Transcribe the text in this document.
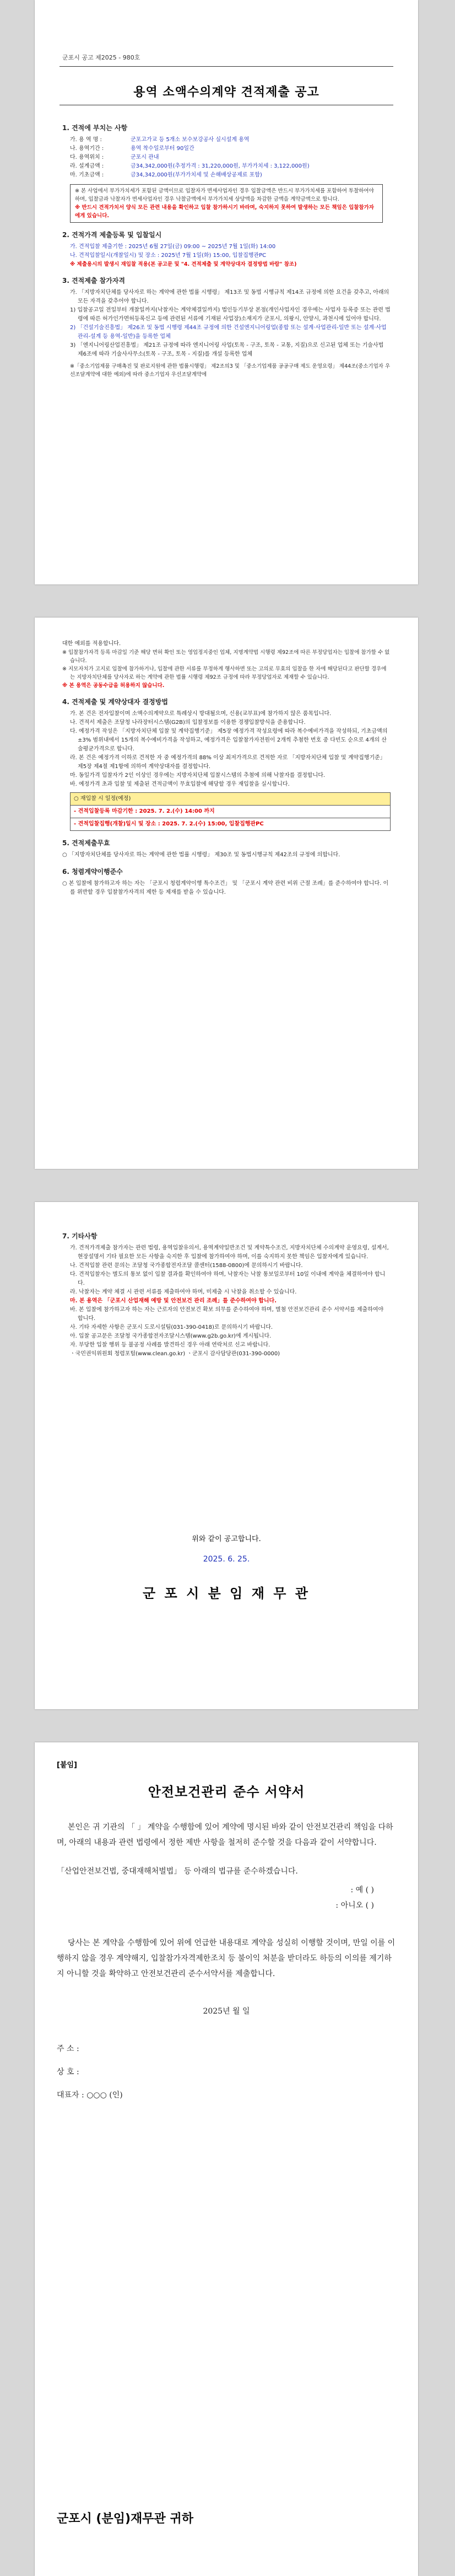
군포시 공고 제2025 - 980호
용역 소액수의계약 견적제출 공고
1. 견적에 부치는 사항
가. 용 역 명 :	군포고가교 등 5개소 보수보강공사 실시설계 용역
나. 용역기간 :	용역 착수일로부터 90일간
다. 용역위치 :	군포시 관내
라. 설계금액 :	금34,342,000원(추정가격 : 31,220,000원, 부가가치세 : 3,122,000원)
마. 기초금액 :	금34,342,000원(부가가치세 및 손해배상공제료 포함)
※ 본 사업에서 부가가치세가 포함된 금액이므로 입찰자가 면세사업자인 경우 입찰금액은 반드시 부가가치세를 포함하여 투찰하여야 하며, 입찰금과 낙찰자가 면세사업자인 경우 낙찰금액에서 부가가치세 상당액을 차감한 금액을 계약금액으로 합니다.
※ 반드시 견적가치서 양식 모든 관련 내용을 확인하고 입찰 참가하시기 바라며, 숙지하지 못하여 발생하는 모든 책임은 입찰참가자에게 있습니다.
2. 견적가격 제출등록 및 입찰일시
가. 견적입찰 제출기한 : 2025년 6월 27일(금) 09:00 ~ 2025년 7월 1일(화) 14:00
나. 견적입찰일시(개찰일시) 및 장소 : 2025년 7월 1일(화) 15:00, 입찰집행관PC
※ 제출용시의 발생시 재입찰 적용(본 공고문 및 "4. 견적제출 및 계약상대자 결정방법 바람" 참조)
3. 견적제출 참가자격
가. 「지방자치단체를 당사자로 하는 계약에 관한 법률 시행령」 제13조 및 동법 시행규칙 제14조 규정에 의한 요건을 갖추고, 아래의 모든 자격을 갖추어야 합니다.
1) 입찰공고일 전일부터 개찰일까지(낙찰자는 계약체결일까지) 법인등기부상 본점(개인사업자인 경우에는 사업자 등록증 또는 관련 법령에 따른 허가인가면허등록신고 등에 관련된 서류에 기재된 사업장)소재지가 군포시, 의왕시, 안양시, 과천시에 있어야 합니다.
2) 「건설기술진흥법」 제26조 및 동법 시행령 제44조 규정에 의한 건설엔지니어링업(종합 또는 설계·사업관리-일반 또는 설계·사업관리-설계 등 용역-일반)을 등록한 업체
3) 「엔지니어링산업진흥법」 제21조 규정에 따라 엔지니어링 사업(토목 - 구조, 토목 - 교통, 지질)으로 신고된 업체 또는 기술사법 제6조에 따라 기술사사무소(토목 - 구조, 토목 - 지질)를 개설 등록한 업체
※「중소기업제품 구매촉진 및 판로지원에 관한 법률시행령」 제2조의3 및 「중소기업제품 공공구매 제도 운영요령」 제44조(중소기업자 우선조달계약에 대한 예외)에 따라 중소기업자 우선조달계약에
대한 예외를 적용합니다.
※ 입찰참가자격 등록 마감일 기준 해당 면허 확인 또는 영업정지중인 업체, 지명계약법 시행령 제92조에 따른 부정당업자는 입찰에 참가할 수 없습니다.
※ 지모자치가 고지로 입찰에 참가하거나, 입찰에 관한 서류를 부정하게 행사하면 또는 고의로 무효의 입찰을 한 자에 해당된다고 판단할 경우에는 지방자치단체를 당사자로 하는 계약에 관한 법률 시행령 제92조 규정에 따라 부정당업자로 제재할 수 있습니다.
※ 본 용역은 공동수급을 허용하지 않습니다.
4. 견적제출 및 계약상대자 결정방법
가. 본 건은 전자입찰이며 소액수의계약으로 특례상시 방대될으며, 신용(교부표)에 참가하지 않은 품목입니다.
나. 견적서 제출은 조달청 나라장터시스템(G2B)의 입찰정보를 이용한 경쟁입찰방식을 준용합니다.
다. 예정가격 작성은 「지방자치단체 입찰 및 계약집행기준」 제5장 예정가격 작성요령에 따라 복수예비가격을 작성하되, 기초금액의 ±3% 범위내에서 15개의 복수예비가격을 작성하고, 예정가격은 입찰참가자전원이 2개씩 추첨한 번호 중 다빈도 순으로 4개의 산술평균가격으로 합니다.
라. 본 건은 예정가격 이하로 견적한 자 중 예정가격의 88% 이상 최저가격으로 견적한 자로 「지방자치단체 입찰 및 계약집행기준」 제5장 제4절 제1항에 의하여 계약상대자를 결정합니다.
마. 동일가격 입찰자가 2인 이상인 경우에는 지방자치단체 입찰시스템의 추첨에 의해 낙찰자를 결정합니다.
바. 예정가격 초과 입찰 및 제출된 견적금액이 무효입찰에 해당할 경우 재입찰을 실시합니다.
○ 재입찰 시 일정(예정)
- 견적입찰등록 마감기한 : 2025. 7. 2.(수) 14:00 까지
- 견적입찰집행(개찰)일시 및 장소 : 2025. 7. 2.(수) 15:00, 입찰집행관PC
5. 견적제출무효
○ 「지방자치단체를 당사자로 하는 계약에 관한 법률 시행령」 제30조 및 동법시행규칙 제42조의 규정에 의합니다.
6. 청렴계약이행준수
○ 본 입찰에 참가하고자 하는 자는 「군포시 청렴계약이행 특수조건」 및 「군포시 계약 관련 비위 근절 조례」를 준수하여야 합니다. 이를 위반할 경우 입찰참가자격의 제한 등 제재를 받을 수 있습니다.
7. 기타사항
가. 견적가격제출 참가자는 관련 법령, 용역입찰유의서, 용역계약일반조건 및 계약특수조건, 지방자치단체 수의계약 운영요령, 설계서, 현장설명서 기타 필요한 모든 사항을 숙지한 후 입찰에 참가하여야 하며, 이를 숙지하지 못한 책임은 입찰자에게 있습니다.
나. 견적입찰 관련 문의는 조달청 국가종합전자조달 콜센터(1588-0800)에 문의하시기 바랍니다.
다. 견적입찰자는 별도의 통보 없이 입찰 결과를 확인하여야 하며, 낙찰자는 낙찰 통보일로부터 10일 이내에 계약을 체결하여야 합니다.
라. 낙찰자는 계약 체결 시 관련 서류를 제출하여야 하며, 미제출 시 낙찰을 취소할 수 있습니다.
마. 본 용역은 「군포시 산업재해 예방 및 안전보건 관리 조례」를 준수하여야 합니다.
바. 본 입찰에 참가하고자 하는 자는 근로자의 안전보건 확보 의무를 준수하여야 하며, 별첨 안전보건관리 준수 서약서를 제출하여야 합니다.
사. 기타 자세한 사항은 군포시 도로시설팀(031-390-0418)로 문의하시기 바랍니다.
아. 입찰 공고문은 조달청 국가종합전자조달시스템(www.g2b.go.kr)에 게시됩니다.
자. 부당한 입찰 행위 등 불공정 사례를 발견하신 경우 아래 연락처로 신고 바랍니다.
ㆍ국민권익위원회 청렴포털(www.clean.go.kr) ㆍ군포시 감사담당관(031-390-0000)
위와 같이 공고합니다.
2025. 6. 25.
군 포 시 분 임 재 무 관
[붙임]
안전보건관리 준수 서약서
본인은 귀 기관의 「 」 계약을 수행함에 있어 계약에 명시된 바와 같이 안전보건관리 책임을 다하며, 아래의 내용과 관련 법령에서 정한 제반 사항을 철저히 준수할 것을 다음과 같이 서약합니다.
「산업안전보건법, 중대재해처벌법」 등 아래의 법규를 준수하겠습니다.
: 예 ( )
: 아니오 ( )
당사는 본 계약을 수행함에 있어 위에 언급한 내용대로 계약을 성실히 이행할 것이며, 만일 이를 이행하지 않을 경우 계약해지, 입찰참가자격제한조치 등 불이익 처분을 받더라도 하등의 이의를 제기하지 아니할 것을 확약하고 안전보건관리 준수서약서를 제출합니다.
2025년 월 일
주 소 :
상 호 :
대표자 : ○○○ (인)
군포시 (분임)재무관 귀하
